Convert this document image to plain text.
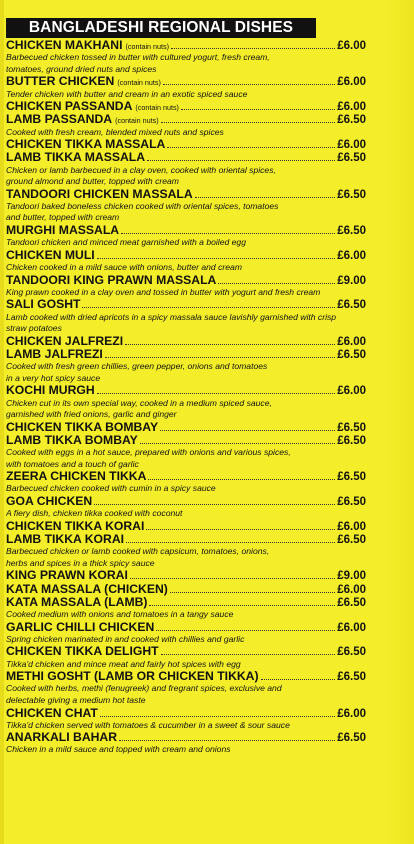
BANGLADESHI REGIONAL DISHES
CHICKEN MAKHANI (contain nuts)	£6.00
Barbecued chicken tossed in butter with cultured yogurt, fresh cream,
tomatoes, ground dried nuts and spices
BUTTER CHICKEN (contain nuts)	£6.00
Tender chicken with butter and cream in an exotic spiced sauce
CHICKEN PASSANDA (contain nuts)	£6.00
LAMB PASSANDA (contain nuts)	£6.50
Cooked with fresh cream, blended mixed nuts and spices
CHICKEN TIKKA MASSALA	£6.00
LAMB TIKKA MASSALA	£6.50
Chicken or lamb barbecued in a clay oven, cooked with oriental spices,
ground almond and butter, topped with cream
TANDOORI CHICKEN MASSALA	£6.50
Tandoori baked boneless chicken cooked with oriental spices, tomatoes
and butter, topped with cream
MURGHI MASSALA	£6.50
Tandoori chicken and minced meat garnished with a boiled egg
CHICKEN MULI	£6.00
Chicken cooked in a mild sauce with onions, butter and cream
TANDOORI KING PRAWN MASSALA	£9.00
King prawn cooked in a clay oven and tossed in butter with yogurt and fresh cream
SALI GOSHT	£6.50
Lamb cooked with dried apricots in a spicy massala sauce lavishly garnished with crisp
straw potatoes
CHICKEN JALFREZI	£6.00
LAMB JALFREZI	£6.50
Cooked with fresh green chillies, green pepper, onions and tomatoes
in a very hot spicy sauce
KOCHI MURGH	£6.00
Chicken cut in its own special way, cooked in a medium spiced sauce,
garnished with fried onions, garlic and ginger
CHICKEN TIKKA BOMBAY	£6.50
LAMB TIKKA BOMBAY	£6.50
Cooked with eggs in a hot sauce, prepared with onions and various spices,
with tomatoes and a touch of garlic
ZEERA CHICKEN TIKKA	£6.50
Barbecued chicken cooked with cumin in a spicy sauce
GOA CHICKEN	£6.50
A fiery dish, chicken tikka cooked with coconut
CHICKEN TIKKA KORAI	£6.00
LAMB TIKKA KORAI	£6.50
Barbecued chicken or lamb cooked with capsicum, tomatoes, onions,
herbs and spices in a thick spicy sauce
KING PRAWN KORAI	£9.00
KATA MASSALA (CHICKEN)	£6.00
KATA MASSALA (LAMB)	£6.50
Cooked medium with onions and tomatoes in a tangy sauce
GARLIC CHILLI CHICKEN	£6.00
Spring chicken marinated in and cooked with chillies and garlic
CHICKEN TIKKA DELIGHT	£6.50
Tikka'd chicken and mince meat and fairly hot spices with egg
METHI GOSHT (LAMB OR CHICKEN TIKKA)	£6.50
Cooked with herbs, methi (fenugreek) and fregrant spices, exclusive and
delectable giving a medium hot taste
CHICKEN CHAT	£6.00
Tikka'd chicken served with tomatoes & cucumber in a sweet & sour sauce
ANARKALI BAHAR	£6.50
Chicken in a mild sauce and topped with cream and onions
